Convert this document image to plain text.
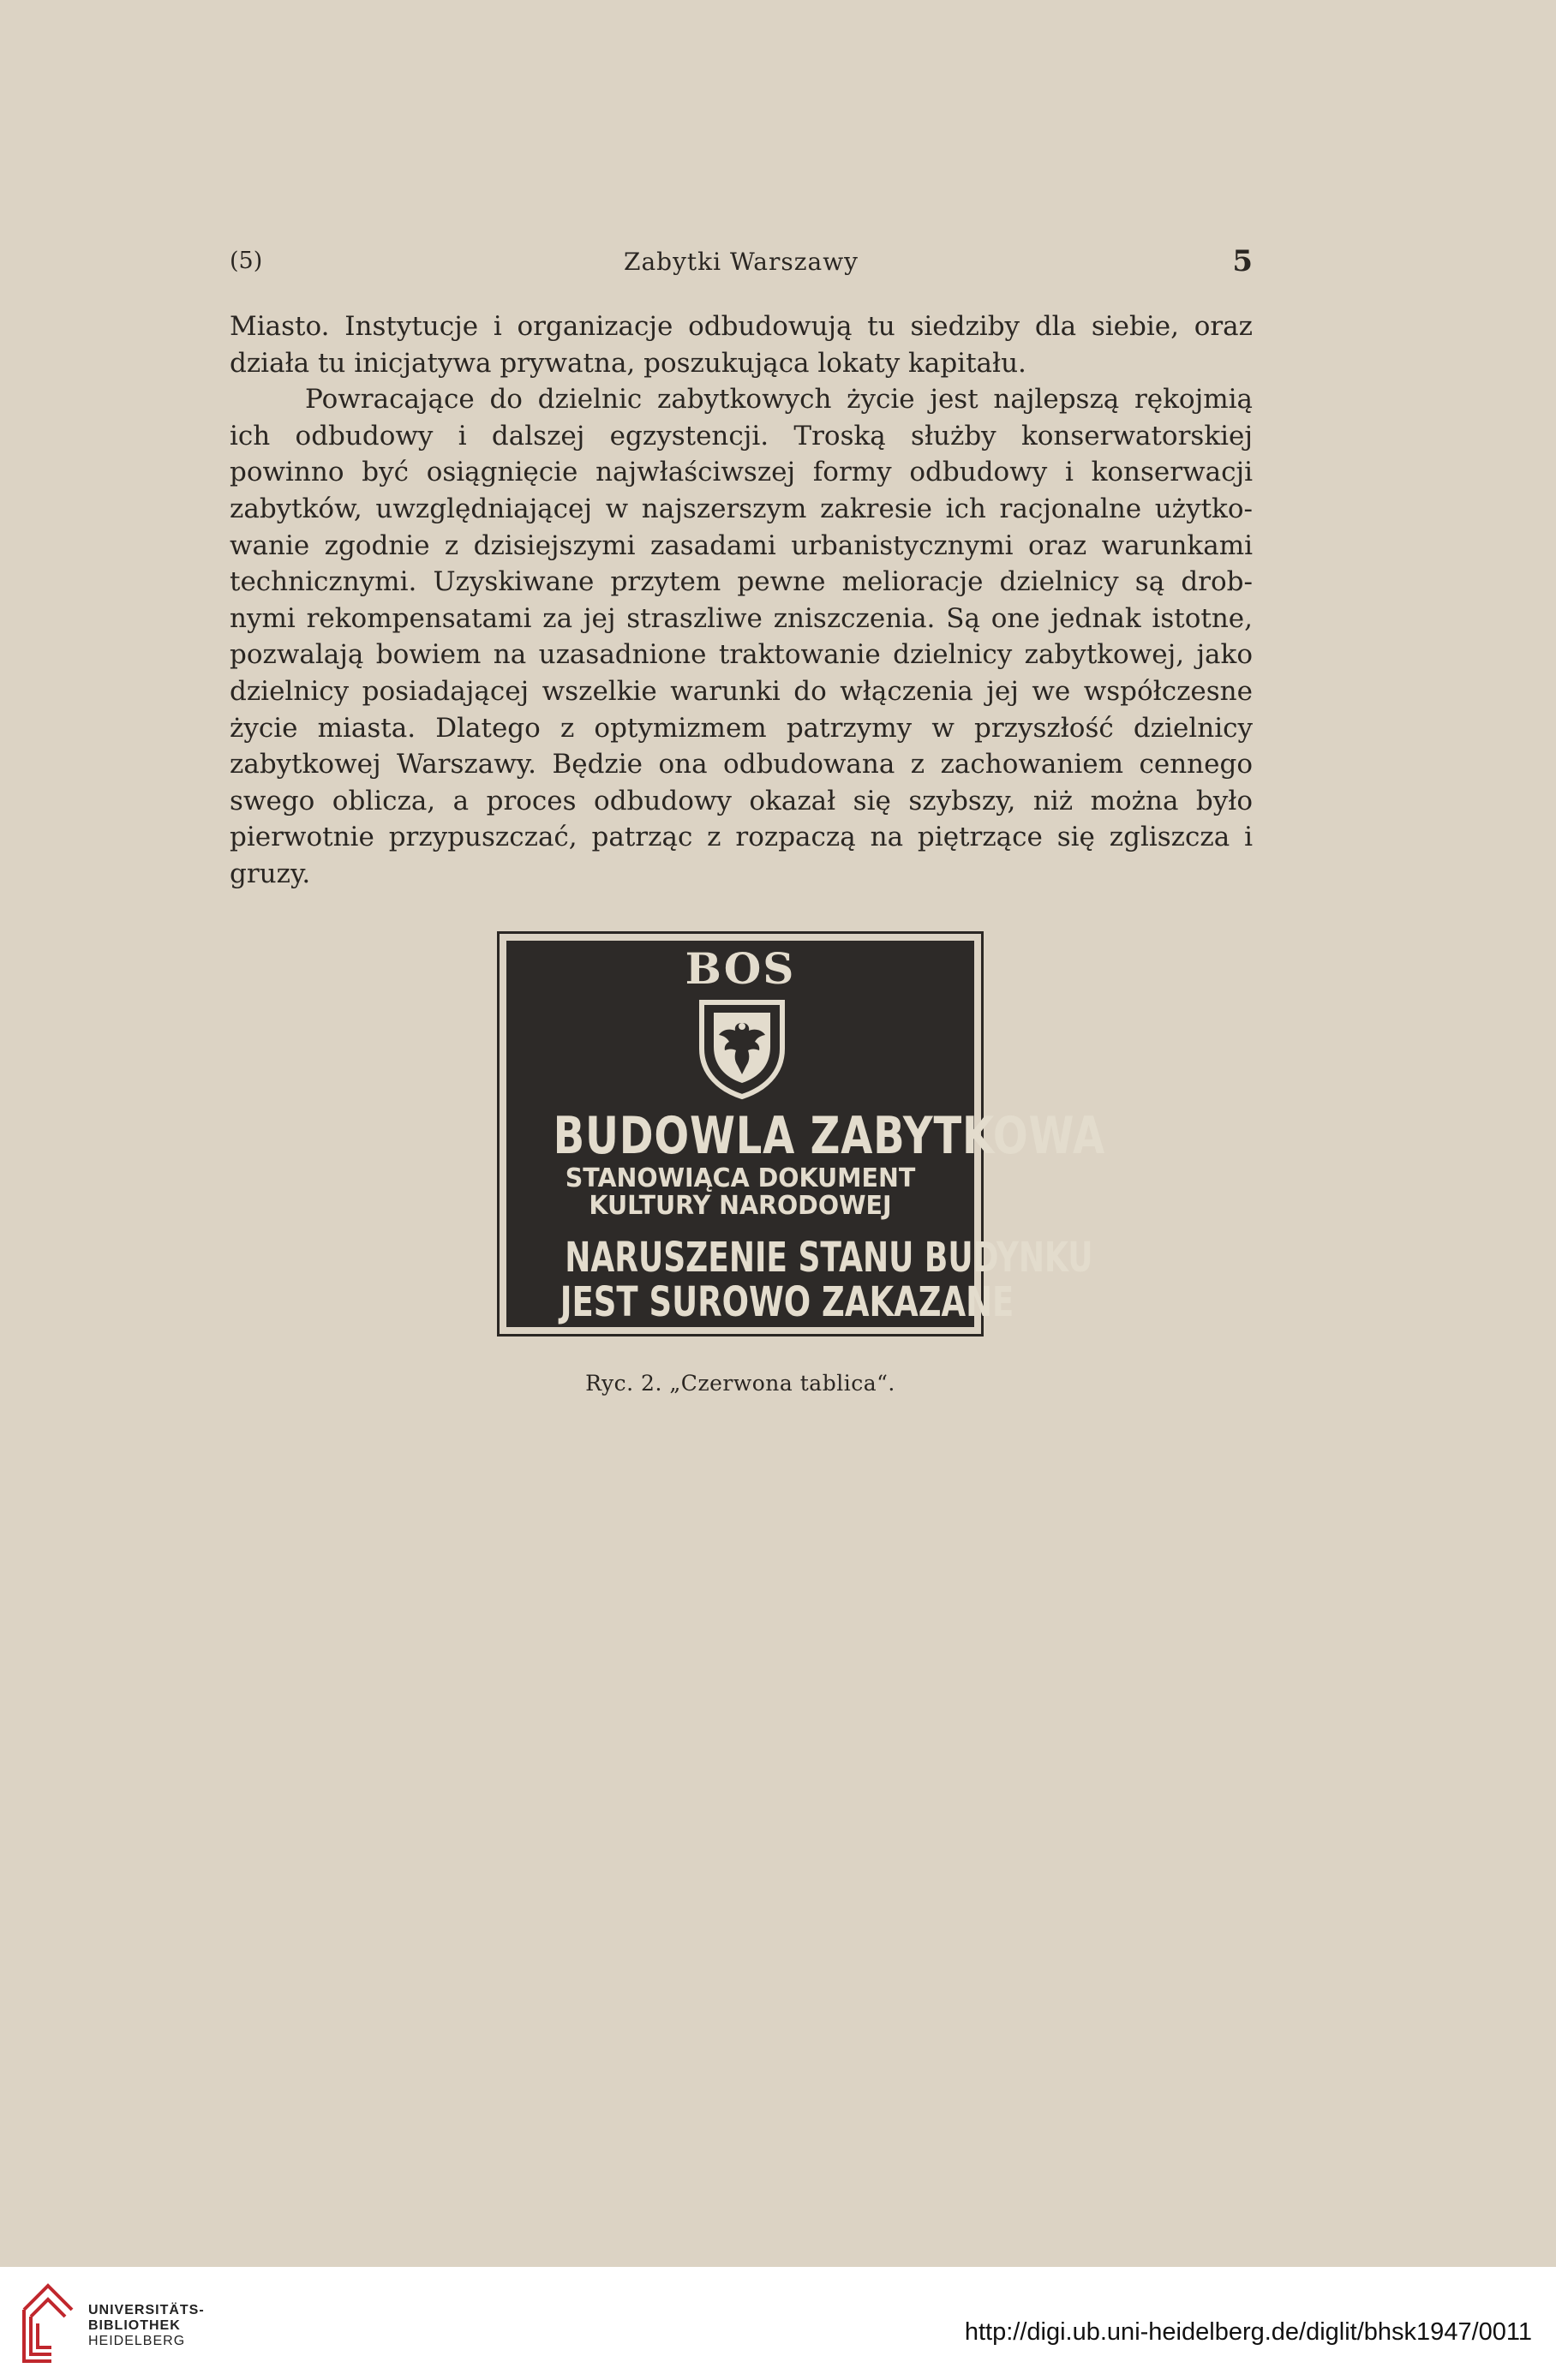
(5)	Zabytki Warszawy	5

Miasto. Instytucje i organizacje odbudowują tu siedziby dla siebie, oraz działa tu inicjatywa prywatna, poszukująca lokaty kapitału.

Powracające do dzielnic zabytkowych życie jest najlepszą rękojmią ich odbudowy i dalszej egzystencji. Troską służby konserwatorskiej powinno być osiągnięcie najwłaściwszej formy odbudowy i konserwacji zabytków, uwzględniającej w najszerszym zakresie ich racjonalne użytkowanie zgodnie z dzisiejszymi zasadami urbanistycznymi oraz warunkami technicznymi. Uzyskiwane przytem pewne melioracje dzielnicy są drobnymi rekompensatami za jej straszliwe zniszczenia. Są one jednak istotne, pozwalają bowiem na uzasadnione traktowanie dzielnicy zabytkowej, jako dzielnicy posiadającej wszelkie warunki do włączenia jej we współczesne życie miasta. Dlatego z optymizmem patrzymy w przyszłość dzielnicy zabytkowej Warszawy. Będzie ona odbudowana z zachowaniem cennego swego oblicza, a proces odbudowy okazał się szybszy, niż można było pierwotnie przypuszczać, patrząc z rozpaczą na piętrzące się zgliszcza i gruzy.

BOS
BUDOWLA ZABYTKOWA
STANOWIĄCA DOKUMENT
KULTURY NARODOWEJ
NARUSZENIE STANU BUDYNKU
JEST SUROWO ZAKAZANE
Ryc. 2. „Czerwona tablica“.
UNIVERSITÄTS-
BIBLIOTHEK
HEIDELBERG	http://digi.ub.uni-heidelberg.de/diglit/bhsk1947/0011
